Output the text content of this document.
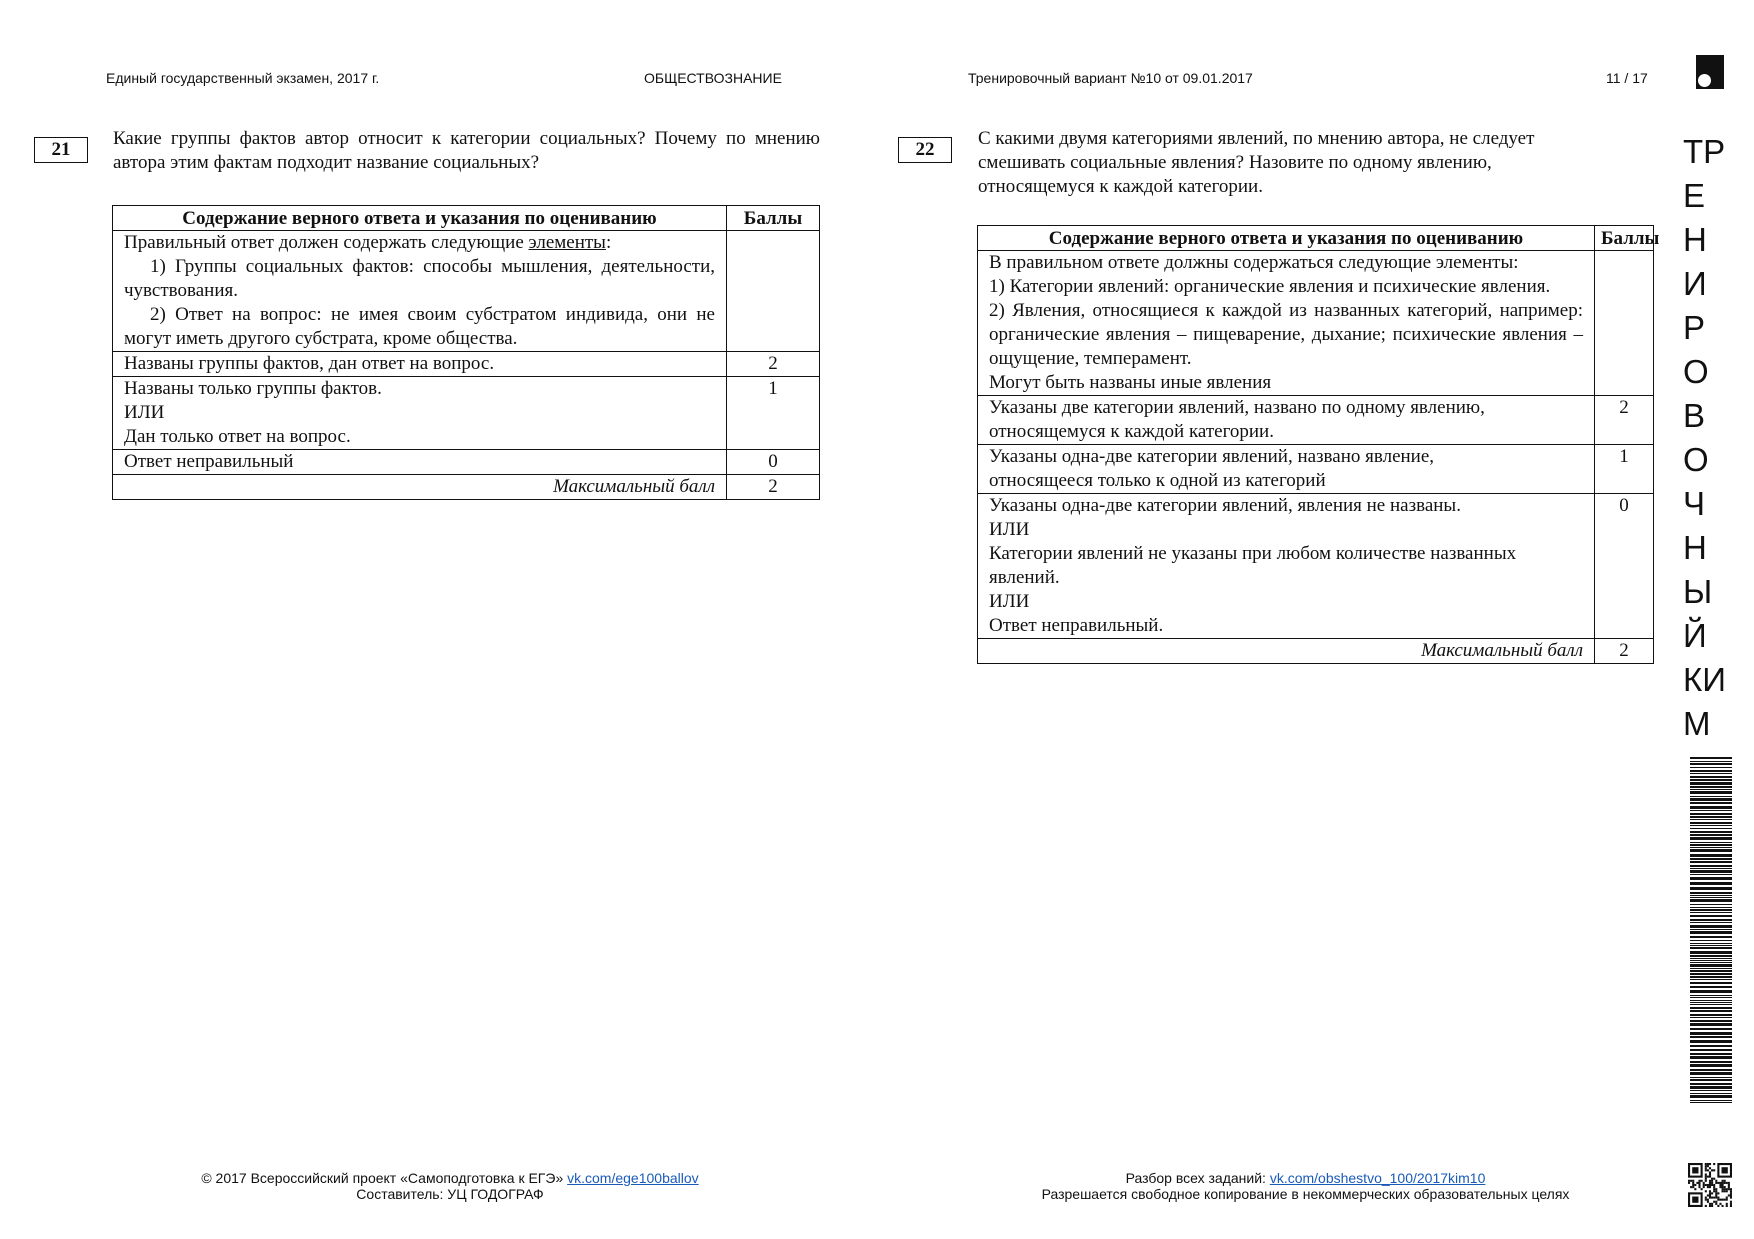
Единый государственный экзамен, 2017 г.	ОБЩЕСТВОЗНАНИЕ	Тренировочный вариант №10 от 09.01.2017	11 / 17
21
Какие группы фактов автор относит к категории социальных? Почему по мнению автора этим фактам подходит название социальных?
Содержание верного ответа и указания по оцениванию	Баллы

Правильный ответ должен содержать следующие элементы:
1) Группы социальных фактов: способы мышления, деятельности, чувствования.
2) Ответ на вопрос: не имея своим субстратом индивида, они не могут иметь другого субстрата, кроме общества.	

Названы группы фактов, дан ответ на вопрос.	2

Названы только группы фактов.
ИЛИ
Дан только ответ на вопрос.	1
Ответ неправильный	0
Максимальный балл	2
22
С какими двумя категориями явлений, по мнению автора, не следует
смешивать социальные явления? Назовите по одному явлению,
относящемуся к каждой категории.
Содержание верного ответа и указания по оцениванию	Баллы

В правильном ответе должны содержаться следующие элементы:
1) Категории явлений: органические явления и психические явления.
2) Явления, относящиеся к каждой из названных категорий, например: органические явления – пищеварение, дыхание; психические явления – ощущение, темперамент.
Могут быть названы иные явления	

Указаны две категории явлений, названо по одному явлению,
относящемуся к каждой категории.	2

Указаны одна-две категории явлений, названо явление,
относящееся только к одной из категорий	1

Указаны одна-две категории явлений, явления не названы.
ИЛИ
Категории явлений не указаны при любом количестве названных явлений.
ИЛИ
Ответ неправильный.	0
Максимальный балл	2
ТР
Е
Н
И
Р
О
В
О
Ч
Н
Ы
Й
КИ
М
© 2017 Всероссийский проект «Самоподготовка к ЕГЭ» vk.com/ege100ballov
Составитель: УЦ ГОДОГРАФ
Разбор всех заданий: vk.com/obshestvo_100/2017kim10
Разрешается свободное копирование в некоммерческих образовательных целях
